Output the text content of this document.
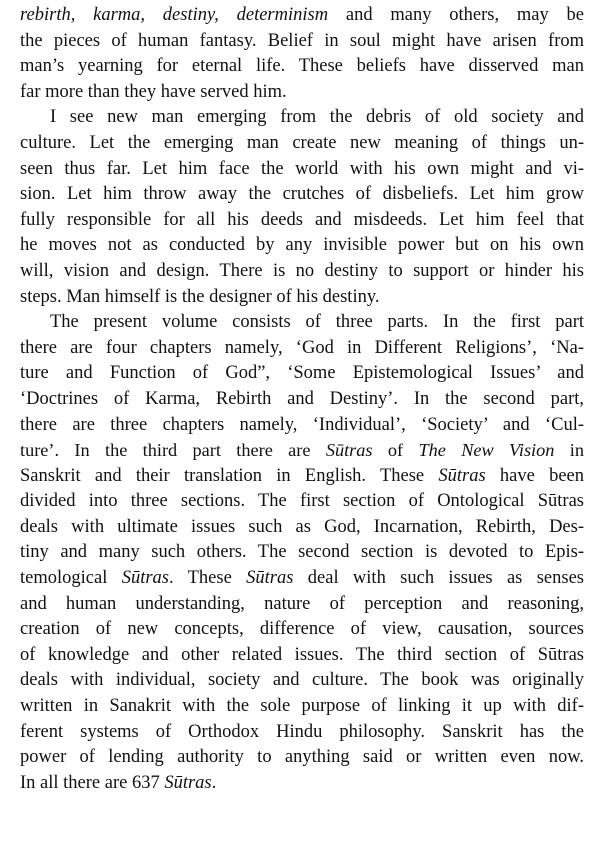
rebirth, karma, destiny, determinism and many others, may be
the pieces of human fantasy. Belief in soul might have arisen from
man’s yearning for eternal life. These beliefs have disserved man
far more than they have served him.
I see new man emerging from the debris of old society and
culture. Let the emerging man create new meaning of things un-
seen thus far. Let him face the world with his own might and vi-
sion. Let him throw away the crutches of disbeliefs. Let him grow
fully responsible for all his deeds and misdeeds. Let him feel that
he moves not as conducted by any invisible power but on his own
will, vision and design. There is no destiny to support or hinder his
steps. Man himself is the designer of his destiny.
The present volume consists of three parts. In the first part
there are four chapters namely, ‘God in Different Religions’, ‘Na-
ture and Function of God”, ‘Some Epistemological Issues’ and
‘Doctrines of Karma, Rebirth and Destiny’. In the second part,
there are three chapters namely, ‘Individual’, ‘Society’ and ‘Cul-
ture’. In the third part there are Sūtras of The New Vision in
Sanskrit and their translation in English. These Sūtras have been
divided into three sections. The first section of Ontological Sūtras
deals with ultimate issues such as God, Incarnation, Rebirth, Des-
tiny and many such others. The second section is devoted to Epis-
temological Sūtras. These Sūtras deal with such issues as senses
and human understanding, nature of perception and reasoning,
creation of new concepts, difference of view, causation, sources
of knowledge and other related issues. The third section of Sūtras
deals with individual, society and culture. The book was originally
written in Sanakrit with the sole purpose of linking it up with dif-
ferent systems of Orthodox Hindu philosophy. Sanskrit has the
power of lending authority to anything said or written even now.
In all there are 637 Sūtras.
